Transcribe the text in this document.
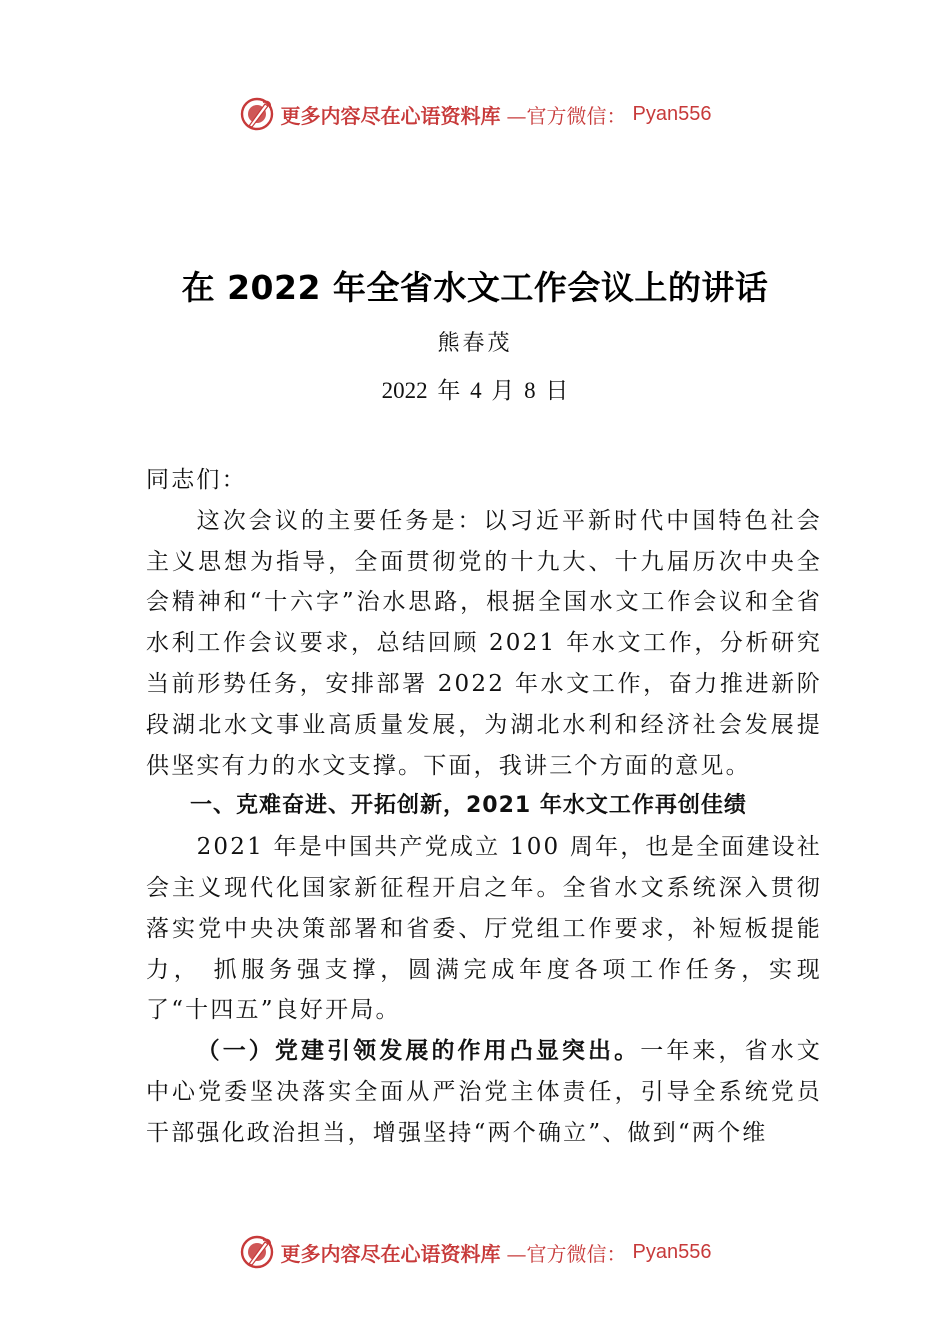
更多内容尽在心语资料库 —官方微信： Pyan556
在 2022 年全省水文工作会议上的讲话
熊春茂
2022 年 4 月 8 日

同志们：

这次会议的主要任务是：以习近平新时代中国特色社会主义思想为指导，全面贯彻党的十九大、十九届历次中央全会精神和“十六字”治水思路，根据全国水文工作会议和全省水利工作会议要求，总结回顾 2021 年水文工作，分析研究当前形势任务，安排部署 2022 年水文工作，奋力推进新阶段湖北水文事业高质量发展，为湖北水利和经济社会发展提供坚实有力的水文支撑。下面，我讲三个方面的意见。

一、克难奋进、开拓创新，2021 年水文工作再创佳绩

2021 年是中国共产党成立 100 周年，也是全面建设社会主义现代化国家新征程开启之年。全省水文系统深入贯彻落实党中央决策部署和省委、厅党组工作要求，补短板提能力， 抓服务强支撑，圆满完成年度各项工作任务，实现了“十四五”良好开局。

（一）党建引领发展的作用凸显突出。一年来，省水文中心党委坚决落实全面从严治党主体责任，引导全系统党员干部强化政治担当，增强坚持“两个确立”、做到“两个维

更多内容尽在心语资料库 —官方微信： Pyan556
